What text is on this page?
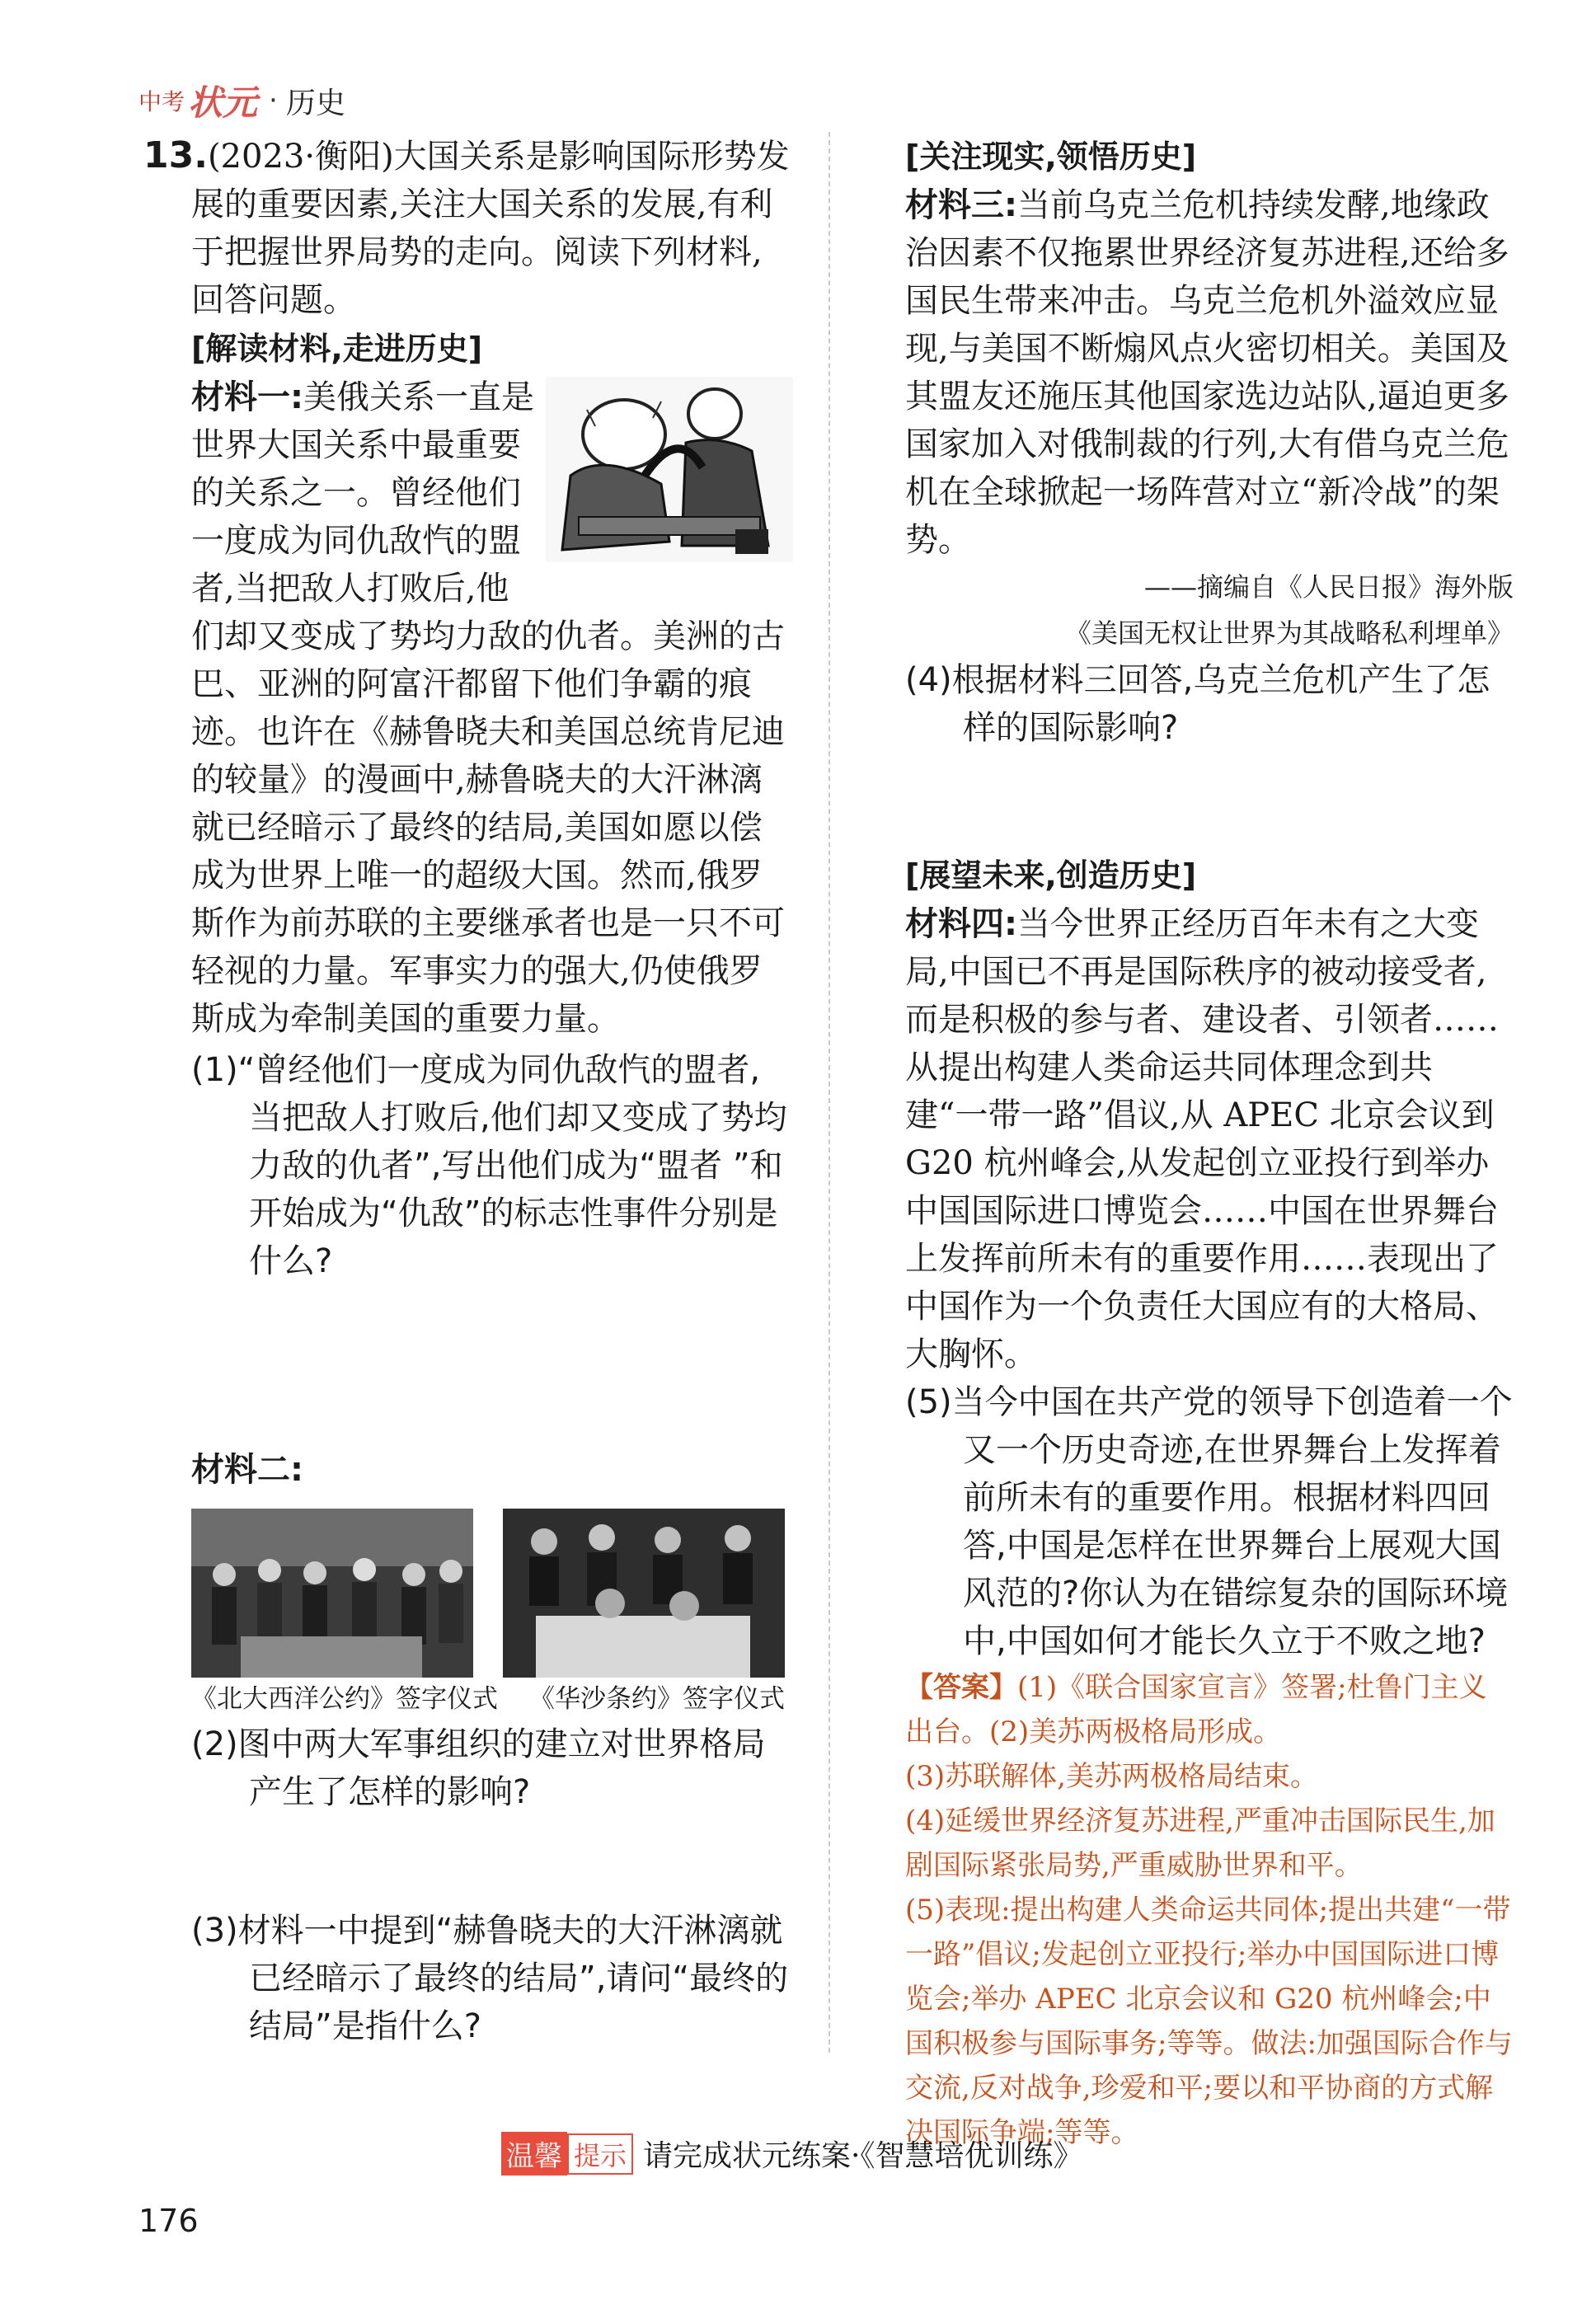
中考 状元 · 历史

13.(2023·衡阳)大国关系是影响国际形势发展的重要因素,关注大国关系的发展,有利于把握世界局势的走向。阅读下列材料,回答问题。

[解读材料,走进历史]

材料一:美俄关系一直是世界大国关系中最重要的关系之一。曾经他们一度成为同仇敌忾的盟者,当把敌人打败后,他们却又变成了势均力敌的仇者。美洲的古巴、亚洲的阿富汗都留下他们争霸的痕迹。也许在《赫鲁晓夫和美国总统肯尼迪的较量》的漫画中,赫鲁晓夫的大汗淋漓就已经暗示了最终的结局,美国如愿以偿成为世界上唯一的超级大国。然而,俄罗斯作为前苏联的主要继承者也是一只不可轻视的力量。军事实力的强大,仍使俄罗斯成为牵制美国的重要力量。

(1)“曾经他们一度成为同仇敌忾的盟者,当把敌人打败后,他们却又变成了势均力敌的仇者”,写出他们成为“盟者 ”和开始成为“仇敌”的标志性事件分别是什么?

材料二:

《北大西洋公约》签字仪式 《华沙条约》签字仪式

(2)图中两大军事组织的建立对世界格局产生了怎样的影响?

(3)材料一中提到“赫鲁晓夫的大汗淋漓就已经暗示了最终的结局”,请问“最终的结局”是指什么?

[关注现实,领悟历史]

材料三:当前乌克兰危机持续发酵,地缘政治因素不仅拖累世界经济复苏进程,还给多国民生带来冲击。乌克兰危机外溢效应显现,与美国不断煽风点火密切相关。美国及其盟友还施压其他国家选边站队,逼迫更多国家加入对俄制裁的行列,大有借乌克兰危机在全球掀起一场阵营对立“新冷战”的架势。

——摘编自《人民日报》海外版

《美国无权让世界为其战略私利埋单》

(4)根据材料三回答,乌克兰危机产生了怎样的国际影响?

[展望未来,创造历史]

材料四:当今世界正经历百年未有之大变局,中国已不再是国际秩序的被动接受者,而是积极的参与者、建设者、引领者……从提出构建人类命运共同体理念到共建“一带一路”倡议,从 APEC 北京会议到 G20 杭州峰会,从发起创立亚投行到举办中国国际进口博览会……中国在世界舞台上发挥前所未有的重要作用……表现出了中国作为一个负责任大国应有的大格局、大胸怀。

(5)当今中国在共产党的领导下创造着一个又一个历史奇迹,在世界舞台上发挥着前所未有的重要作用。根据材料四回答,中国是怎样在世界舞台上展观大国风范的?你认为在错综复杂的国际环境中,中国如何才能长久立于不败之地?

【答案】(1)《联合国家宣言》签署;杜鲁门主义出台。(2)美苏两极格局形成。

(3)苏联解体,美苏两极格局结束。

(4)延缓世界经济复苏进程,严重冲击国际民生,加剧国际紧张局势,严重威胁世界和平。

(5)表现:提出构建人类命运共同体;提出共建“一带一路”倡议;发起创立亚投行;举办中国国际进口博览会;举办 APEC 北京会议和 G20 杭州峰会;中国积极参与国际事务;等等。做法:加强国际合作与交流,反对战争,珍爱和平;要以和平协商的方式解决国际争端;等等。

温馨 提示 请完成状元练案·《智慧培优训练》
176
